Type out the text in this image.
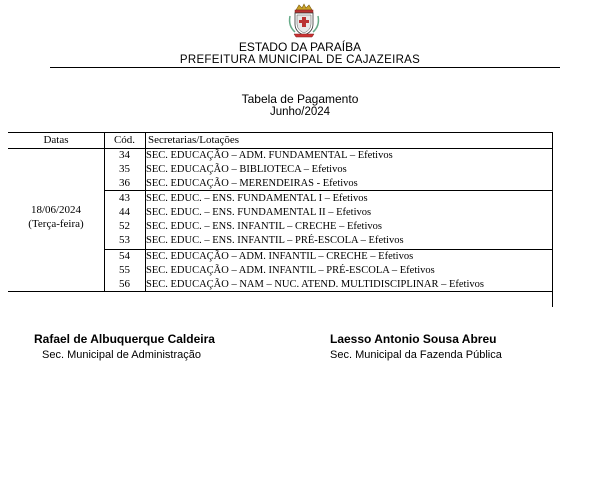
ESTADO DA PARAÍBA
PREFEITURA MUNICIPAL DE CAJAZEIRAS
Tabela de Pagamento
Junho/2024
Datas	Cód.	Secretarias/Lotações
18/06/2024
(Terça-feira)
34	SEC. EDUCAÇÃO – ADM. FUNDAMENTAL – Efetivos
35	SEC. EDUCAÇÃO – BIBLIOTECA – Efetivos
36	SEC. EDUCAÇÃO – MERENDEIRAS - Efetivos
43	SEC. EDUC. – ENS. FUNDAMENTAL I – Efetivos
44	SEC. EDUC. – ENS. FUNDAMENTAL II – Efetivos
52	SEC. EDUC. – ENS. INFANTIL – CRECHE – Efetivos
53	SEC. EDUC. – ENS. INFANTIL – PRÉ-ESCOLA – Efetivos
54	SEC. EDUCAÇÃO – ADM. INFANTIL – CRECHE – Efetivos
55	SEC. EDUCAÇÃO – ADM. INFANTIL – PRÉ-ESCOLA – Efetivos
56	SEC. EDUCAÇÃO – NAM – NUC. ATEND. MULTIDISCIPLINAR – Efetivos
Rafael de Albuquerque Caldeira
Sec. Municipal de Administração
Laesso Antonio Sousa Abreu
Sec. Municipal da Fazenda Pública
